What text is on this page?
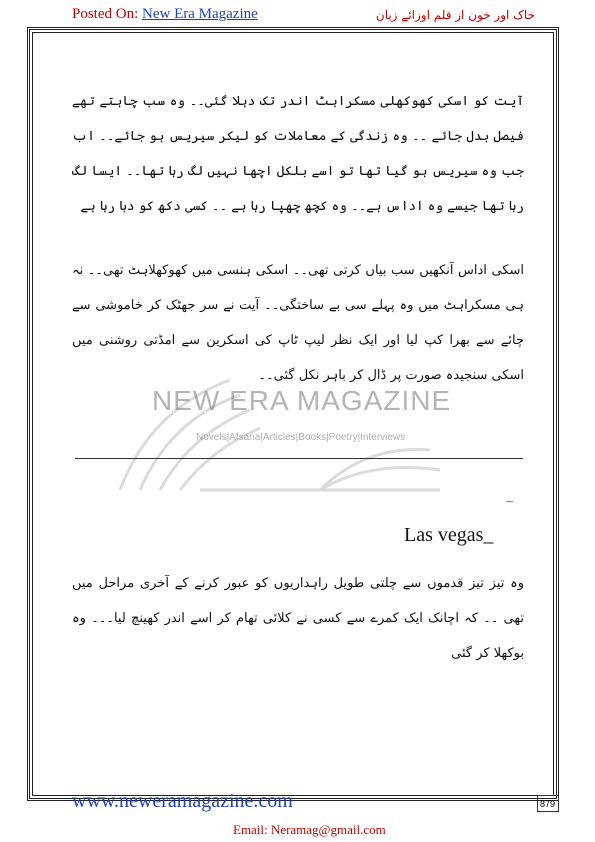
Posted On: New Era Magazine	خاک اور خون از قلم اوزائے زبان
NEW ERA MAGAZINE
Novels|Afsana|Articles|Books|Poetry|Interviews
آیت کو اسکی کھوکھلی مسکراہٹ اندر تک دہلا گئی۔۔ وہ سب چاہتے تھے فیصل بدل جائے ۔۔ وہ زندگی کے معاملات کو لیکر سیریس ہو جائے۔۔ اب جب وہ سیریس ہو گیا تھا تو اسے بلکل اچھا نہیں لگ رہا تھا۔۔ ایسا لگ رہا تھا جیسے وہ اداس ہے۔۔ وہ کچھ چھپا رہا ہے ۔۔ کسی دکھ کو دبا رہا ہے
اسکی اداس آنکھیں سب بیاں کرتی تھی۔۔ اسکی ہنسی میں کھوکھلاہٹ تھی۔۔ نہ ہی مسکراہٹ میں وہ پہلے سی بے ساختگی۔۔ آیت نے سر جھٹک کر خاموشی سے چائے سے بھرا کپ لیا اور ایک نظر لیپ ٹاپ کی اسکرین سے امڈتی روشنی میں اسکی سنجیدہ صورت پر ڈال کر باہر نکل گئی۔۔
_
Las vegas_
وہ تیز تیز قدموں سے چلتی طویل راہداریوں کو عبور کرنے کے آخری مراحل میں تھی ۔۔ کہ اچانک ایک کمرے سے کسی نے کلائی تھام کر اسے اندر کھینچ لیا۔۔۔ وہ بوکھلا کر گئی
www.neweramagazine.com	879
Email: Neramag@gmail.com
